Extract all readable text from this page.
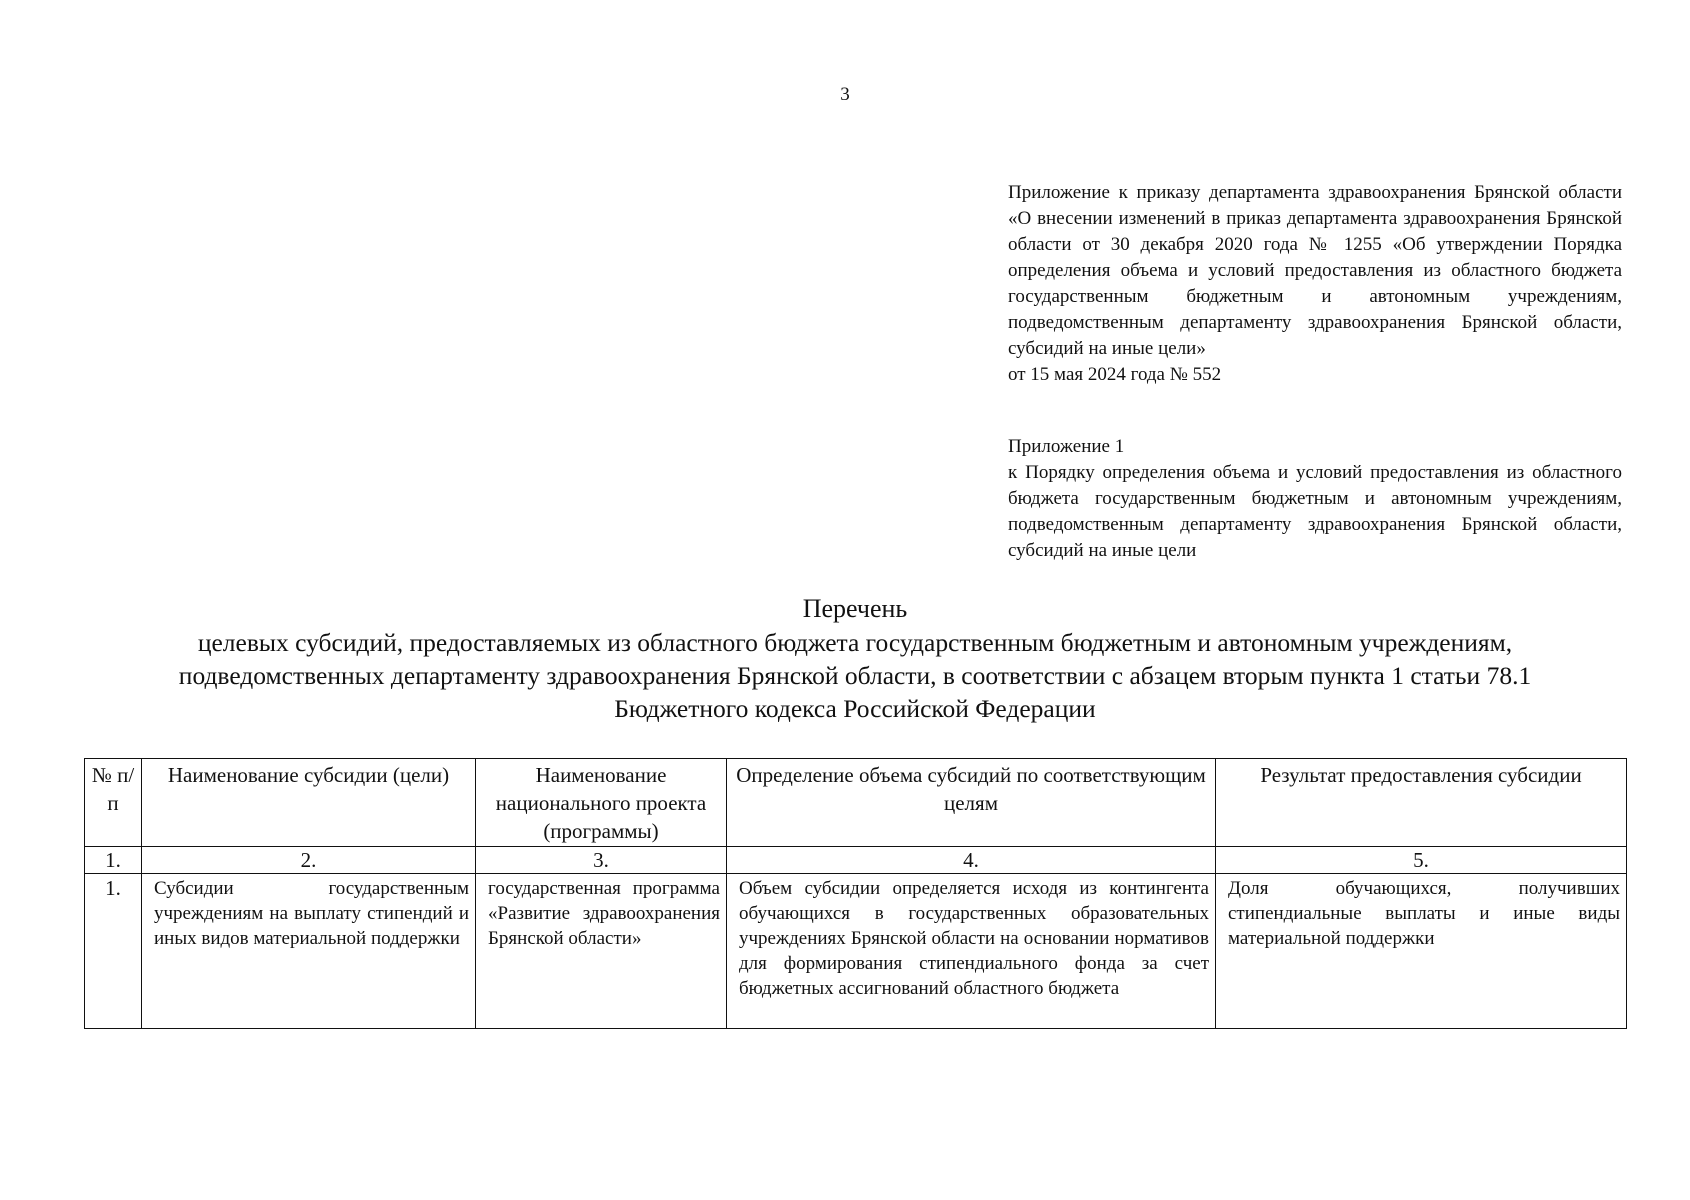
3

Приложение к приказу департамента здравоохранения Брянской области «О внесении изменений в приказ департамента здравоохранения Брянской области от 30 декабря 2020 года № 1255 «Об утверждении Порядка определения объема и условий предоставления из областного бюджета государственным бюджетным и автономным учреждениям, подведомственным департаменту здравоохранения Брянской области, субсидий на иные цели»

от 15 мая 2024 года № 552

Приложение 1

к Порядку определения объема и условий предоставления из областного бюджета государственным бюджетным и автономным учреждениям, подведомственным департаменту здравоохранения Брянской области, субсидий на иные цели

Перечень
целевых субсидий, предоставляемых из областного бюджета государственным бюджетным и автономным учреждениям,
подведомственных департаменту здравоохранения Брянской области, в соответствии с абзацем вторым пункта 1 статьи 78.1
Бюджетного кодекса Российской Федерации
№ п/п	Наименование субсидии (цели)	Наименование национального проекта (программы)	Определение объема субсидий по соответствующим целям	Результат предоставления субсидии
1.	2.	3.	4.	5.
1.	Субсидии государственным учреждениям на выплату стипендий и иных видов материальной поддержки	государственная программа «Развитие здравоохранения Брянской области»	Объем субсидии определяется исходя из контингента обучающихся в государственных образовательных учреждениях Брянской области на основании нормативов для формирования стипендиального фонда за счет бюджетных ассигнований областного бюджета	Доля обучающихся, получивших стипендиальные выплаты и иные виды материальной поддержки
